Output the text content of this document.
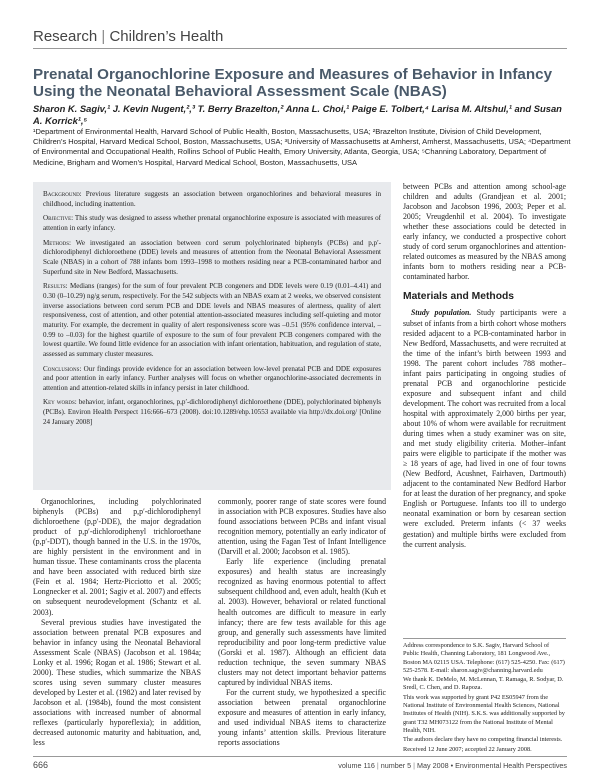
Research | Children’s Health
Prenatal Organochlorine Exposure and Measures of Behavior in Infancy Using the Neonatal Behavioral Assessment Scale (NBAS)
Sharon K. Sagiv,¹ J. Kevin Nugent,²,³ T. Berry Brazelton,² Anna L. Choi,¹ Paige E. Tolbert,⁴ Larisa M. Altshul,¹ and Susan A. Korrick¹,⁵
¹Department of Environmental Health, Harvard School of Public Health, Boston, Massachusetts, USA; ²Brazelton Institute, Division of Child Development, Children’s Hospital, Harvard Medical School, Boston, Massachusetts, USA; ³University of Massachusetts at Amherst, Amherst, Massachusetts, USA; ⁴Department of Environmental and Occupational Health, Rollins School of Public Health, Emory University, Atlanta, Georgia, USA; ⁵Channing Laboratory, Department of Medicine, Brigham and Women’s Hospital, Harvard Medical School, Boston, Massachusetts, USA

Background: Previous literature suggests an association between organochlorines and behavioral measures in childhood, including inattention.

Objective: This study was designed to assess whether prenatal organochlorine exposure is associated with measures of attention in early infancy.

Methods: We investigated an association between cord serum polychlorinated biphenyls (PCBs) and p,p′-dichlorodiphenyl dichloroethene (DDE) levels and measures of attention from the Neonatal Behavioral Assessment Scale (NBAS) in a cohort of 788 infants born 1993–1998 to mothers residing near a PCB-contaminated harbor and Superfund site in New Bedford, Massachusetts.

Results: Medians (ranges) for the sum of four prevalent PCB congeners and DDE levels were 0.19 (0.01–4.41) and 0.30 (0–10.29) ng/g serum, respectively. For the 542 subjects with an NBAS exam at 2 weeks, we observed consistent inverse associations between cord serum PCB and DDE levels and NBAS measures of alertness, quality of alert responsiveness, cost of attention, and other potential attention-associated measures including self-quieting and motor maturity. For example, the decrement in quality of alert responsiveness score was –0.51 (95% confidence interval, –0.99 to –0.03) for the highest quartile of exposure to the sum of four prevalent PCB congeners compared with the lowest quartile. We found little evidence for an association with infant orientation, habituation, and regulation of state, assessed as summary cluster measures.

Conclusions: Our findings provide evidence for an association between low-level prenatal PCB and DDE exposures and poor attention in early infancy. Further analyses will focus on whether organochlorine-associated decrements in attention and attention-related skills in infancy persist in later childhood.

Key words: behavior, infant, organochlorines, p,p′-dichlorodiphenyl dichloroethene (DDE), polychlorinated biphenyls (PCBs). Environ Health Perspect 116:666–673 (2008). doi:10.1289/ehp.10553 available via http://dx.doi.org/ [Online 24 January 2008]

between PCBs and attention among school-age children and adults (Grandjean et al. 2001; Jacobson and Jacobson 1996, 2003; Peper et al. 2005; Vreugdenhil et al. 2004). To investigate whether these associations could be detected in early infancy, we conducted a prospective cohort study of cord serum organochlorines and attention-related outcomes as measured by the NBAS among infants born to mothers residing near a PCB-contaminated harbor.

Materials and Methods

Study population. Study participants were a subset of infants from a birth cohort whose mothers resided adjacent to a PCB-contaminated harbor in New Bedford, Massachusetts, and were recruited at the time of the infant’s birth between 1993 and 1998. The parent cohort includes 788 mother–infant pairs participating in ongoing studies of prenatal PCB and organochlorine pesticide exposure and subsequent infant and child development. The cohort was recruited from a local hospital with approximately 2,000 births per year, about 10% of whom were available for recruitment during times when a study examiner was on site, and met study eligibility criteria. Mother–infant pairs were eligible to participate if the mother was ≥ 18 years of age, had lived in one of four towns (New Bedford, Acushnet, Fairhaven, Dartmouth) adjacent to the contaminated New Bedford Harbor for at least the duration of her pregnancy, and spoke English or Portuguese. Infants too ill to undergo neonatal examination or born by cesarean section were excluded. Preterm infants (< 37 weeks gestation) and multiple births were excluded from the current analysis.

Organochlorines, including polychlorinated biphenyls (PCBs) and p,p′-dichlorodiphenyl dichloroethene (p,p′-DDE), the major degradation product of p,p′-dichlorodiphenyl trichloroethane (p,p′-DDT), though banned in the U.S. in the 1970s, are highly persistent in the environment and in human tissue. These contaminants cross the placenta and have been associated with reduced birth size (Fein et al. 1984; Hertz-Picciotto et al. 2005; Longnecker et al. 2001; Sagiv et al. 2007) and effects on subsequent neurodevelopment (Schantz et al. 2003).

Several previous studies have investigated the association between prenatal PCB exposures and behavior in infancy using the Neonatal Behavioral Assessment Scale (NBAS) (Jacobson et al. 1984a; Lonky et al. 1996; Rogan et al. 1986; Stewart et al. 2000). These studies, which summarize the NBAS scores using seven summary cluster measures developed by Lester et al. (1982) and later revised by Jacobson et al. (1984b), found the most consistent associations with increased number of abnormal reflexes (particularly hyporeflexia); in addition, decreased autonomic maturity and habituation, and, less

commonly, poorer range of state scores were found in association with PCB exposures. Studies have also found associations between PCBs and infant visual recognition memory, potentially an early indicator of attention, using the Fagan Test of Infant Intelligence (Darvill et al. 2000; Jacobson et al. 1985).

Early life experience (including prenatal exposures) and health status are increasingly recognized as having enormous potential to affect subsequent childhood and, even adult, health (Kuh et al. 2003). However, behavioral or related functional health outcomes are difficult to measure in early infancy; there are few tests available for this age group, and generally such assessments have limited reproducibility and poor long-term predictive value (Gorski et al. 1987). Although an efficient data reduction technique, the seven summary NBAS clusters may not detect important behavior patterns captured by individual NBAS items.

For the current study, we hypothesized a specific association between prenatal organochlorine exposure and measures of attention in early infancy, and used individual NBAS items to characterize young infants’ attention skills. Previous literature reports associations

Address correspondence to S.K. Sagiv, Harvard School of Public Health, Channing Laboratory, 181 Longwood Ave., Boston MA 02115 USA. Telephone: (617) 525-4250. Fax: (617) 525-2578. E-mail: sharon.sagiv@channing.harvard.edu

We thank K. DeMelo, M. McLennan, T. Ramaga, R. Sodyar, D. Sredl, C. Chen, and D. Rapoza.

This work was supported by grant P42 ES05947 from the National Institute of Environmental Health Sciences, National Institutes of Health (NIH). S.K.S. was additionally supported by grant T32 MH073122 from the National Institute of Mental Health, NIH.

The authors declare they have no competing financial interests.

Received 12 June 2007; accepted 22 January 2008.

666	volume 116 | number 5 | May 2008 • Environmental Health Perspectives
